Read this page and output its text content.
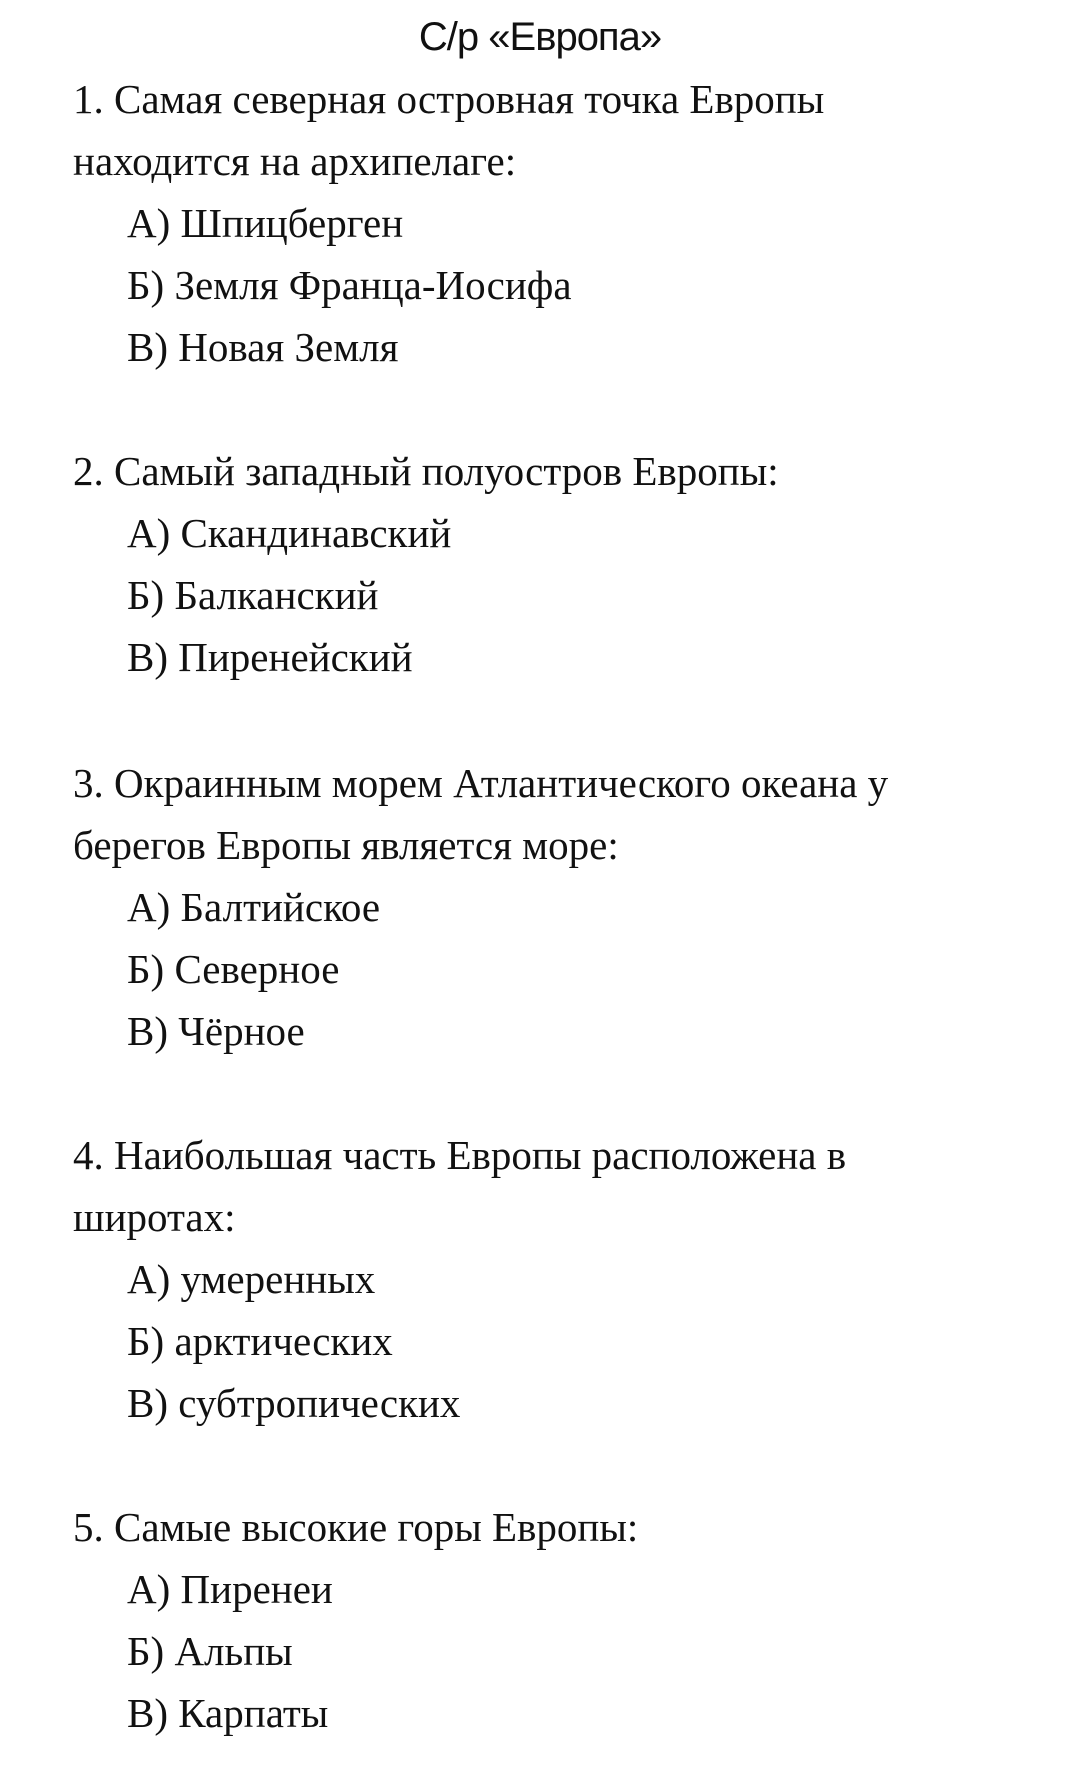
С/р «Европа»
1. Самая северная островная точка Европы
находится на архипелаге:
А) Шпицберген
Б) Земля Франца-Иосифа
В) Новая Земля
2. Самый западный полуостров Европы:
А) Скандинавский
Б) Балканский
В) Пиренейский
3. Окраинным морем Атлантического океана у
берегов Европы является море:
А) Балтийское
Б) Северное
В) Чёрное
4. Наибольшая часть Европы расположена в
широтах:
А) умеренных
Б) арктических
В) субтропических
5. Самые высокие горы Европы:
А) Пиренеи
Б) Альпы
В) Карпаты
